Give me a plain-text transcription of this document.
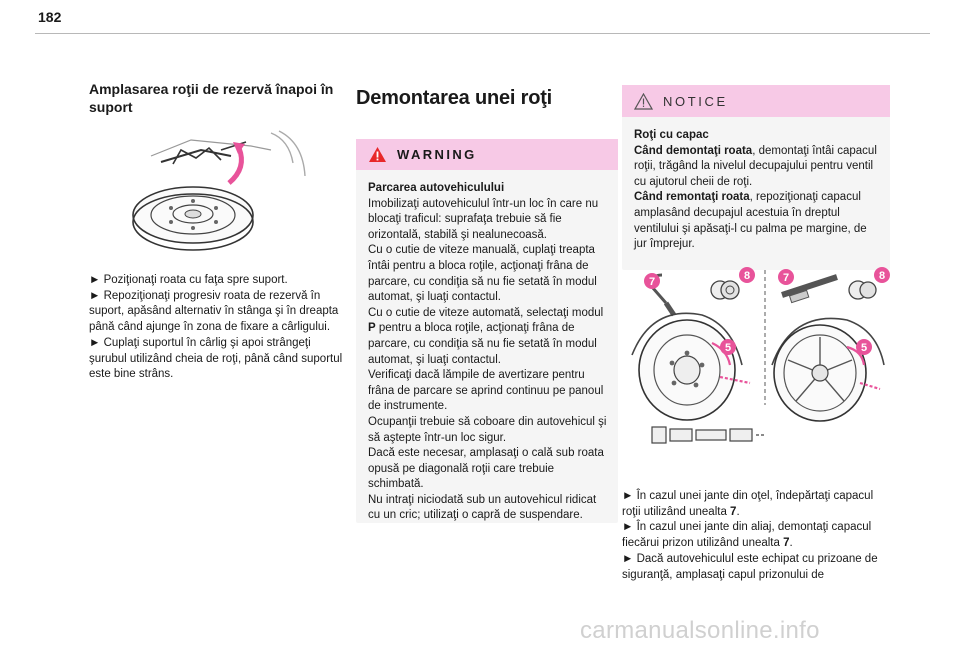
182
Amplasarea roţii de rezervă înapoi în suport

► Poziţionaţi roata cu faţa spre suport.

► Repoziţionaţi progresiv roata de rezervă în suport, apăsând alternativ în stânga şi în dreapta până când ajunge în zona de fixare a cârligului.

► Cuplaţi suportul în cârlig şi apoi strângeţi şurubul utilizând cheia de roţi, până când suportul este bine strâns.

Demontarea unei roţi
WARNING

Parcarea autovehiculului

Imobilizaţi autovehiculul într-un loc în care nu blocaţi traficul: suprafaţa trebuie să fie orizontală, stabilă şi nealunecoasă.

Cu o cutie de viteze manuală, cuplaţi treapta întâi pentru a bloca roţile, acţionaţi frâna de parcare, cu condiţia să nu fie setată în modul automat, şi luaţi contactul.

Cu o cutie de viteze automată, selectaţi modul P pentru a bloca roţile, acţionaţi frâna de parcare, cu condiţia să nu fie setată în modul automat, şi luaţi contactul.

Verificaţi dacă lămpile de avertizare pentru frâna de parcare se aprind continuu pe panoul de instrumente.

Ocupanţii trebuie să coboare din autovehicul şi să aştepte într-un loc sigur.

Dacă este necesar, amplasaţi o cală sub roata opusă pe diagonală roţii care trebuie schimbată.

Nu intraţi niciodată sub un autovehicul ridicat cu un cric; utilizaţi o capră de suspendare.

NOTICE

Roţi cu capac

Când demontaţi roata, demontaţi întâi capacul roţii, trăgând la nivelul decupajului pentru ventil cu ajutorul cheii de roţi.

Când remontaţi roata, repoziţionaţi capacul amplasând decupajul acestuia în dreptul ventilului şi apăsaţi-l cu palma pe margine, de jur împrejur.

7	8
5
7	8
5

► În cazul unei jante din oţel, îndepărtaţi capacul roţii utilizând unealta 7.

► În cazul unei jante din aliaj, demontaţi capacul fiecărui prizon utilizând unealta 7.

► Dacă autovehiculul este echipat cu prizoane de siguranţă, amplasaţi capul prizonului de

carmanualsonline.info
